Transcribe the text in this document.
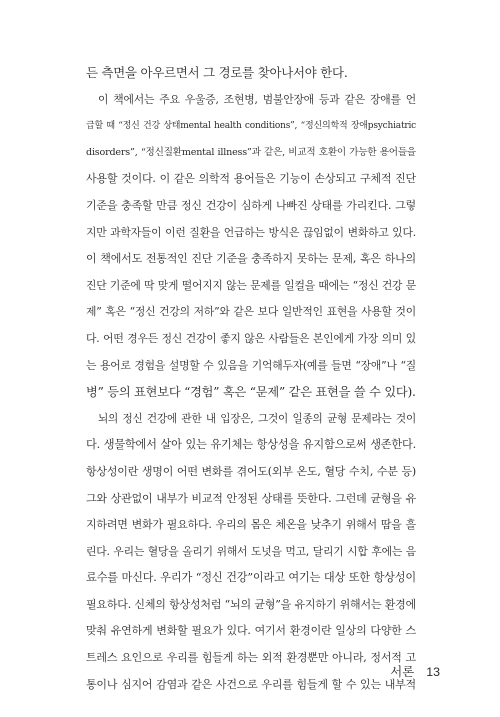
든 측면을 아우르면서 그 경로를 찾아나서야 한다.
이 책에서는 주요 우울증, 조현병, 범불안장애 등과 같은 장애를 언
급할 때 “정신 건강 상태mental health conditions”, “정신의학적 장애psychiatric
disorders”, “정신질환mental illness”과 같은, 비교적 호환이 가능한 용어들을
사용할 것이다. 이 같은 의학적 용어들은 기능이 손상되고 구체적 진단
기준을 충족할 만큼 정신 건강이 심하게 나빠진 상태를 가리킨다. 그렇
지만 과학자들이 이런 질환을 언급하는 방식은 끊임없이 변화하고 있다.
이 책에서도 전통적인 진단 기준을 충족하지 못하는 문제, 혹은 하나의
진단 기준에 딱 맞게 떨어지지 않는 문제를 일컬을 때에는 “정신 건강 문
제” 혹은 “정신 건강의 저하”와 같은 보다 일반적인 표현을 사용할 것이
다. 어떤 경우든 정신 건강이 좋지 않은 사람들은 본인에게 가장 의미 있
는 용어로 경험을 설명할 수 있음을 기억해두자(예를 들면 “장애”나 “질
병” 등의 표현보다 “경험” 혹은 “문제” 같은 표현을 쓸 수 있다).
뇌의 정신 건강에 관한 내 입장은, 그것이 일종의 균형 문제라는 것이
다. 생물학에서 살아 있는 유기체는 항상성을 유지함으로써 생존한다.
항상성이란 생명이 어떤 변화를 겪어도(외부 온도, 혈당 수치, 수분 등)
그와 상관없이 내부가 비교적 안정된 상태를 뜻한다. 그런데 균형을 유
지하려면 변화가 필요하다. 우리의 몸은 체온을 낮추기 위해서 땀을 흘
린다. 우리는 혈당을 올리기 위해서 도넛을 먹고, 달리기 시합 후에는 음
료수를 마신다. 우리가 “정신 건강”이라고 여기는 대상 또한 항상성이
필요하다. 신체의 항상성처럼 “뇌의 균형”을 유지하기 위해서는 환경에
맞춰 유연하게 변화할 필요가 있다. 여기서 환경이란 일상의 다양한 스
트레스 요인으로 우리를 힘들게 하는 외적 환경뿐만 아니라, 정서적 고
통이나 심지어 감염과 같은 사건으로 우리를 힘들게 할 수 있는 내부적
서론 13
